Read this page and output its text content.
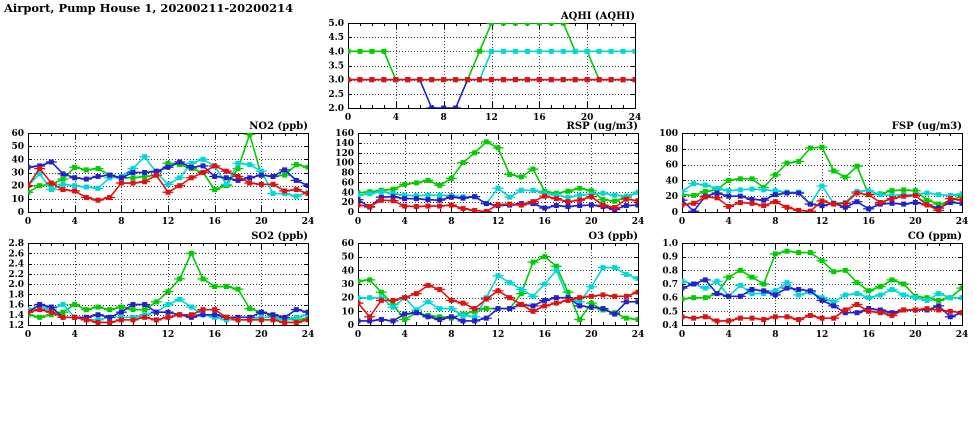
Airport, Pump House 1, 20200211-20200214
2.0
2.5
3.0
3.5
4.0
4.5
5.0
0	4	8	12	16	20	24
AQHI (AQHI)
0
10
20
30
40
50
60
0	4	8	12	16	20	24
NO2 (ppb)
0
20
40
60
80
100
120
140
160
0	4	8	12	16	20	24
RSP (ug/m3)
0
20
40
60
80
100
0	4	8	12	16	20	24
FSP (ug/m3)
1.2
1.4
1.6
1.8
2.0
2.2
2.4
2.6
2.8
0	4	8	12	16	20	24
SO2 (ppb)
0
10
20
30
40
50
60
0	4	8	12	16	20	24
O3 (ppb)
0.4
0.5
0.6
0.7
0.8
0.9
1.0
0	4	8	12	16	20	24
CO (ppm)
